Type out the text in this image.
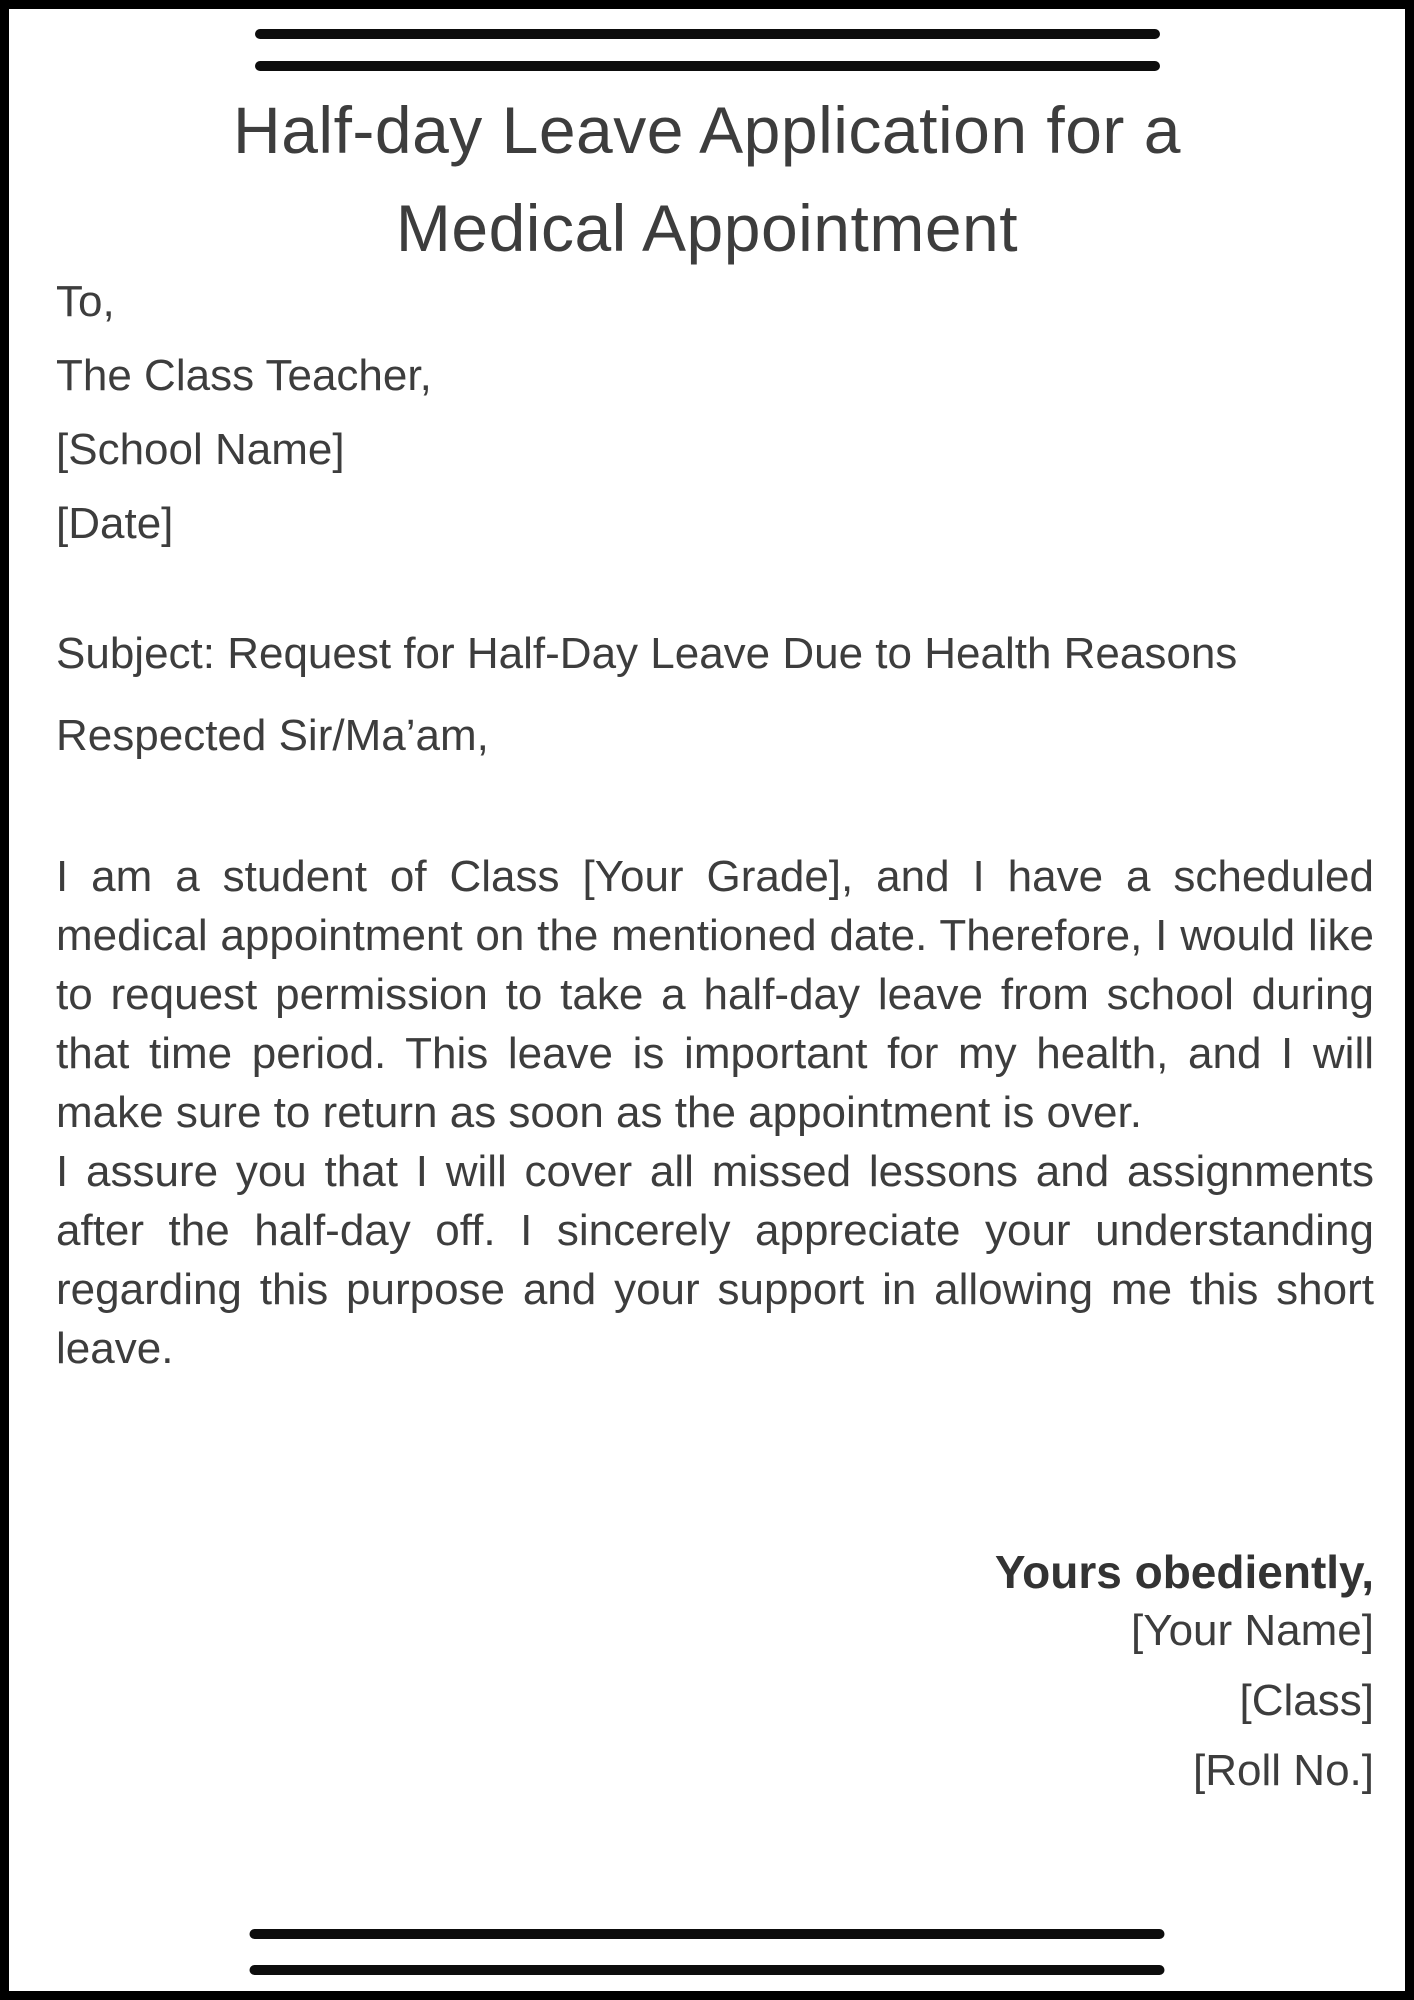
Half-day Leave Application for a Medical Appointment
To,
The Class Teacher,
[School Name]
[Date]
Subject: Request for Half-Day Leave Due to Health Reasons
Respected Sir/Ma’am,

I am a student of Class [Your Grade], and I have a scheduled medical appointment on the mentioned date. Therefore, I would like to request permission to take a half-day leave from school during that time period. This leave is important for my health, and I will make sure to return as soon as the appointment is over.

I assure you that I will cover all missed lessons and assignments after the half-day off. I sincerely appreciate your understanding regarding this purpose and your support in allowing me this short leave.

Yours obediently,
[Your Name]
[Class]
[Roll No.]
